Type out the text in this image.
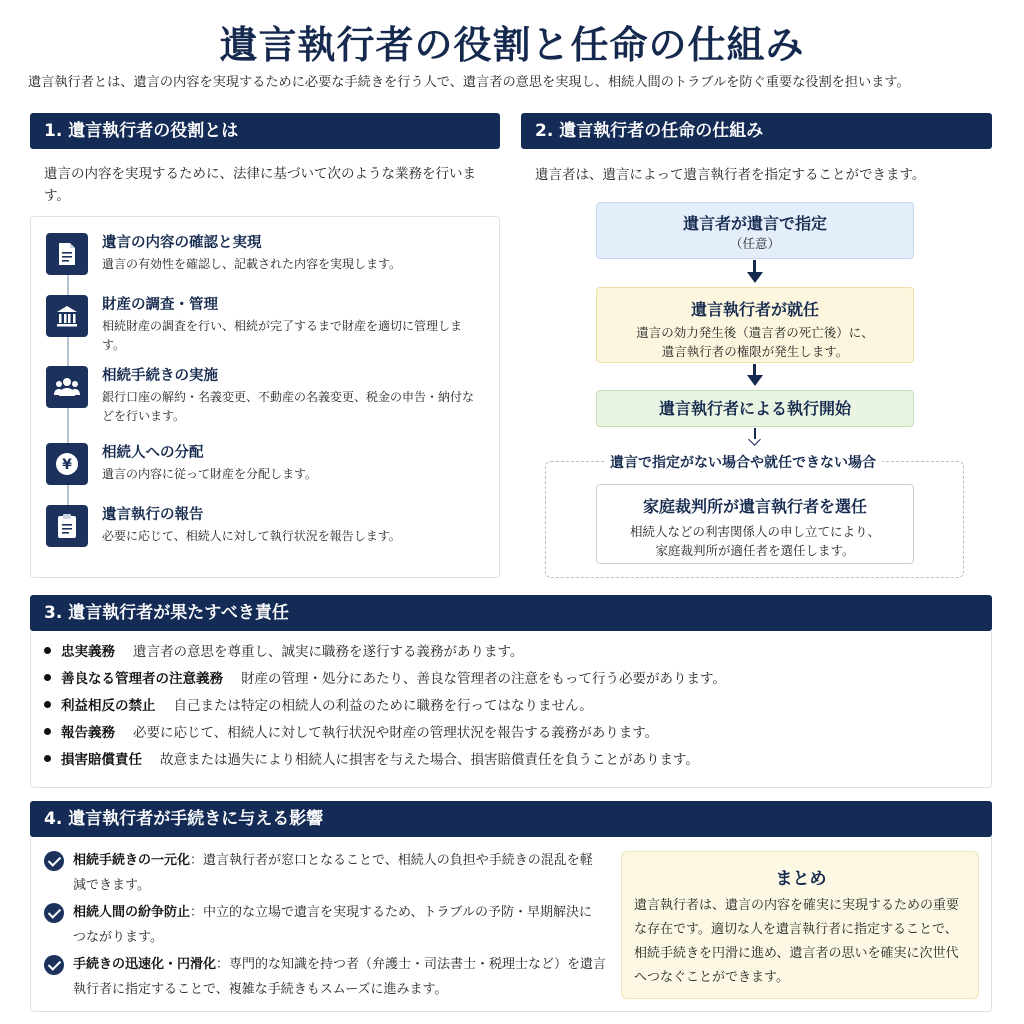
遺言執行者の役割と任命の仕組み
遺言執行者とは、遺言の内容を実現するために必要な手続きを行う人で、遺言者の意思を実現し、相続人間のトラブルを防ぐ重要な役割を担います。
1. 遺言執行者の役割とは
遺言の内容を実現するために、法律に基づいて次のような業務を行います。
遺言の内容の確認と実現
遺言の有効性を確認し、記載された内容を実現します。
財産の調査・管理
相続財産の調査を行い、相続が完了するまで財産を適切に管理します。
相続手続きの実施
銀行口座の解約・名義変更、不動産の名義変更、税金の申告・納付などを行います。
¥
相続人への分配
遺言の内容に従って財産を分配します。
遺言執行の報告
必要に応じて、相続人に対して執行状況を報告します。
2. 遺言執行者の任命の仕組み
遺言者は、遺言によって遺言執行者を指定することができます。
遺言者が遺言で指定
（任意）
遺言執行者が就任
遺言の効力発生後（遺言者の死亡後）に、
遺言執行者の権限が発生します。
遺言執行者による執行開始
遺言で指定がない場合や就任できない場合
家庭裁判所が遺言執行者を選任
相続人などの利害関係人の申し立てにより、
家庭裁判所が適任者を選任します。
3. 遺言執行者が果たすべき責任
忠実義務 遺言者の意思を尊重し、誠実に職務を遂行する義務があります。
善良なる管理者の注意義務 財産の管理・処分にあたり、善良な管理者の注意をもって行う必要があります。
利益相反の禁止 自己または特定の相続人の利益のために職務を行ってはなりません。
報告義務 必要に応じて、相続人に対して執行状況や財産の管理状況を報告する義務があります。
損害賠償責任 故意または過失により相続人に損害を与えた場合、損害賠償責任を負うことがあります。
4. 遺言執行者が手続きに与える影響
相続手続きの一元化：遺言執行者が窓口となることで、相続人の負担や手続きの混乱を軽減できます。
相続人間の紛争防止：中立的な立場で遺言を実現するため、トラブルの予防・早期解決につながります。
手続きの迅速化・円滑化：専門的な知識を持つ者（弁護士・司法書士・税理士など）を遺言執行者に指定することで、複雑な手続きもスムーズに進みます。
まとめ
遺言執行者は、遺言の内容を確実に実現するための重要な存在です。適切な人を遺言執行者に指定することで、相続手続きを円滑に進め、遺言者の思いを確実に次世代へつなぐことができます。
